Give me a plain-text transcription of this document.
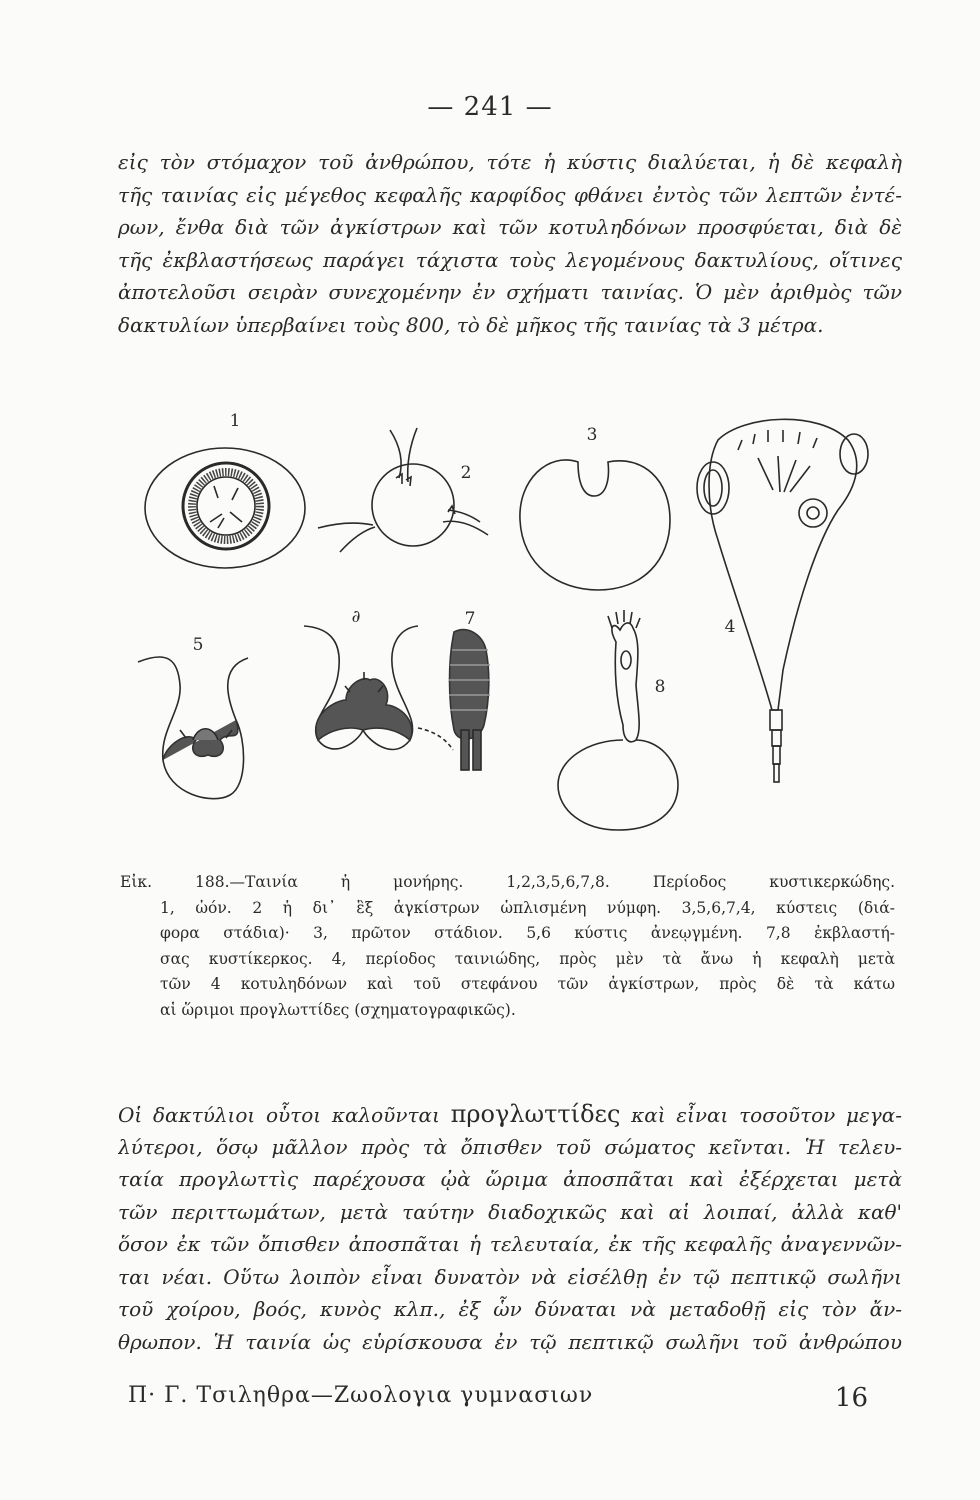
— 241 —
εἰς τὸν στόμαχον τοῦ ἀνθρώπου, τότε ἡ κύστις διαλύεται, ἡ δὲ κεφαλὴ
τῆς ταινίας εἰς μέγεθος κεφαλῆς καρφίδος φθάνει ἐντὸς τῶν λεπτῶν ἐντέ-
ρων, ἔνθα διὰ τῶν ἀγκίστρων καὶ τῶν κοτυληδόνων προσφύεται, διὰ δὲ
τῆς ἐκβλαστήσεως παράγει τάχιστα τοὺς λεγομένους δακτυλίους, οἵτινες
ἀποτελοῦσι σειρὰν συνεχομένην ἐν σχήματι ταινίας. Ὁ μὲν ἀριθμὸς τῶν
δακτυλίων ὑπερβαίνει τοὺς 800, τὸ δὲ μῆκος τῆς ταινίας τὰ 3 μέτρα.
1
2
3
4
5
∂	7
8
Εἰκ. 188.—Ταινία ἡ μονήρης. 1,2,3,5,6,7,8. Περίοδος κυστικερκώδης.
1, ὠόν. 2 ἡ δι᾽ ἓξ ἀγκίστρων ὡπλισμένη νύμφη. 3,5,6,7,4, κύστεις (διά-
φορα στάδια)· 3, πρῶτον στάδιον. 5,6 κύστις ἀνεῳγμένη. 7,8 ἐκβλαστή-
σας κυστίκερκος. 4, περίοδος ταινιώδης, πρὸς μὲν τὰ ἄνω ἡ κεφαλὴ μετὰ
τῶν 4 κοτυληδόνων καὶ τοῦ στεφάνου τῶν ἀγκίστρων, πρὸς δὲ τὰ κάτω
αἱ ὥριμοι προγλωττίδες (σχηματογραφικῶς).
Οἱ δακτύλιοι οὗτοι καλοῦνται προγλωττίδες καὶ εἶναι τοσοῦτον μεγα-
λύτεροι, ὅσῳ μᾶλλον πρὸς τὰ ὄπισθεν τοῦ σώματος κεῖνται. Ἡ τελευ-
ταία προγλωττὶς παρέχουσα ᾠὰ ὥριμα ἀποσπᾶται καὶ ἐξέρχεται μετὰ
τῶν περιττωμάτων, μετὰ ταύτην διαδοχικῶς καὶ αἱ λοιπαί, ἀλλὰ καθ'
ὅσον ἐκ τῶν ὄπισθεν ἀποσπᾶται ἡ τελευταία, ἐκ τῆς κεφαλῆς ἀναγεννῶν-
ται νέαι. Οὕτω λοιπὸν εἶναι δυνατὸν νὰ εἰσέλθῃ ἐν τῷ πεπτικῷ σωλῆνι
τοῦ χοίρου, βοός, κυνὸς κλπ., ἐξ ὧν δύναται νὰ μεταδοθῇ εἰς τὸν ἄν-
θρωπον. Ἡ ταινία ὡς εὑρίσκουσα ἐν τῷ πεπτικῷ σωλῆνι τοῦ ἀνθρώπου
Π· Γ. Τσιληθρα—Ζωολογια γυμνασιων	16
